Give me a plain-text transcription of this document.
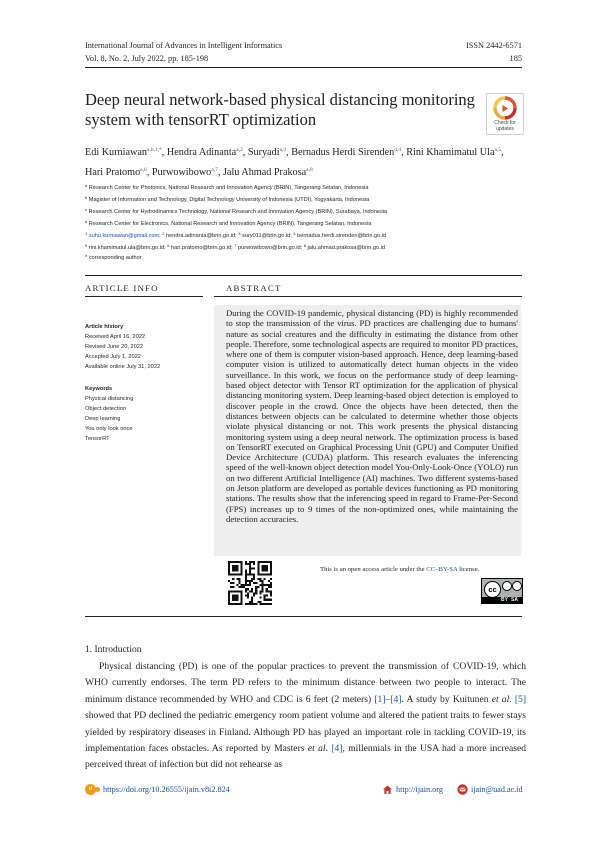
International Journal of Advances in Intelligent Informatics
Vol. 8, No. 2, July 2022, pp. 185-198
ISSN 2442-6571
185
Deep neural network-based physical distancing monitoring system with tensorRT optimization	Check for
updates
Edi Kurniawan$^{a,b,1,*}$, Hendra Adinanta$^{a,2}$, Suryadi$^{a,3}$, Bernadus Herdi Sirenden$^{d,4}$, Rini Khamimatul Ula$^{a,5}$, Hari Pratomo$^{a,6}$, Purwowibowo$^{a,7}$, Jalu Ahmad Prakosa$^{a,8}$
$^a$ Research Center for Photonics, National Research and Innovation Agency (BRIN), Tangerang Selatan, Indonesia
$^b$ Magister of Information and Technology, Digital Technology University of Indonesia (UTDI), Yogyakarta, Indonesia
$^c$ Research Center for Hydrodinamics Technology, National Research and Innovation Agency (BRIN), Surabaya, Indonesia
$^d$ Research Center for Electronics, National Research and Innovation Agency (BRIN), Tangerang Selatan, Indonesia
$^1$ suhu.kurniawan@gmail.com; $^2$ hendra.adinanta@brin.go.id; $^3$ sury011@brin.go.id; $^4$ bernadus.herdi.sirenden@brin.go.id
$^5$ rini.khamimatul.ula@brin.go.id; $^6$ hari.pratomo@brin.go.id; $^7$ purwowibowo@brin.go.id; $^8$ jalu.ahmad.prakosa@brin.go.id
* corresponding author
ARTICLE INFO
Article history
Received April 16, 2022
Revised June 20, 2022
Accepted July 1, 2022
Available online July 31, 2022
Keywords
Physical distancing
Object detection
Deep learning
You only look once
TensorRT
ABSTRACT
During the COVID-19 pandemic, physical distancing (PD) is highly recommended to stop the transmission of the virus. PD practices are challenging due to humans' nature as social creatures and the difficulty in estimating the distance from other people. Therefore, some technological aspects are required to monitor PD practices, where one of them is computer vision-based approach. Hence, deep learning-based computer vision is utilized to automatically detect human objects in the video surveillance. In this work, we focus on the performance study of deep learning-based object detector with Tensor RT optimization for the application of physical distancing monitoring system. Deep learning-based object detection is employed to discover people in the crowd. Once the objects have been detected, then the distances between objects can be calculated to determine whether those objects violate physical distancing or not. This work presents the physical distancing monitoring system using a deep neural network. The optimization process is based on TensorRT executed on Graphical Processing Unit (GPU) and Computer Unified Device Architecture (CUDA) platform. This research evaluates the inferencing speed of the well-known object detection model You-Only-Look-Once (YOLO) run on two different Artificial Intelligence (AI) machines. Two different systems-based on Jetson platform are developed as portable devices functioning as PD monitoring stations. The results show that the inferencing speed in regard to Frame-Per-Second (FPS) increases up to 9 times of the non-optimized ones, while maintaining the detection accuracies.
This is an open access article under the CC–BY-SA license.
cc
BY SA
1. Introduction
Physical distancing (PD) is one of the popular practices to prevent the transmission of COVID-19, which WHO currently endorses. The term PD refers to the minimum distance between two people to interact. The minimum distance recommended by WHO and CDC is 6 feet (2 meters) [1]–[4]. A study by Kuitunen et al. [5] showed that PD declined the pediatric emergency room patient volume and altered the patient traits to fewer stays yielded by respiratory diseases in Finland. Although PD has played an important role in tackling COVID-19, its implementation faces obstacles. As reported by Masters et al. [4], millennials in the USA had a more increased perceived threat of infection but did not rehearse as
d	https://doi.org/10.26555/ijain.v8i2.824	http://ijain.org	ijain@uad.ac.id
